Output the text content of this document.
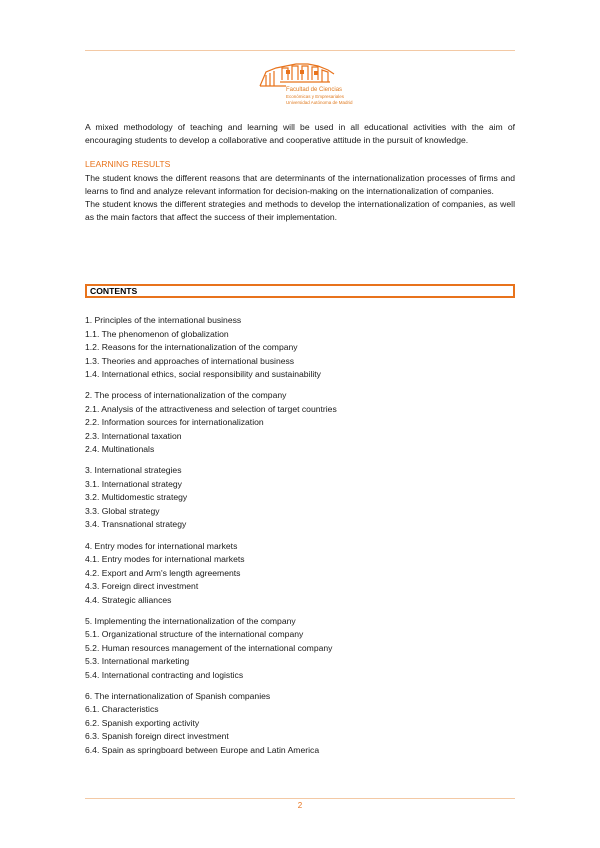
Facultad de Ciencias
Económicas y Empresariales
Universidad Autónoma de Madrid

A mixed methodology of teaching and learning will be used in all educational activities with the aim of encouraging students to develop a collaborative and cooperative attitude in the pursuit of knowledge.

LEARNING RESULTS

The student knows the different reasons that are determinants of the internationalization processes of firms and learns to find and analyze relevant information for decision-making on the internationalization of companies.

The student knows the different strategies and methods to develop the internationalization of companies, as well as the main factors that affect the success of their implementation.

CONTENTS
1. Principles of the international business
1.1. The phenomenon of globalization
1.2. Reasons for the internationalization of the company
1.3. Theories and approaches of international business
1.4. International ethics, social responsibility and sustainability
2. The process of internationalization of the company
2.1. Analysis of the attractiveness and selection of target countries
2.2. Information sources for internationalization
2.3. International taxation
2.4. Multinationals
3. International strategies
3.1. International strategy
3.2. Multidomestic strategy
3.3. Global strategy
3.4. Transnational strategy
4. Entry modes for international markets
4.1. Entry modes for international markets
4.2. Export and Arm's length agreements
4.3. Foreign direct investment
4.4. Strategic alliances
5. Implementing the internationalization of the company
5.1. Organizational structure of the international company
5.2. Human resources management of the international company
5.3. International marketing
5.4. International contracting and logistics
6. The internationalization of Spanish companies
6.1. Characteristics
6.2. Spanish exporting activity
6.3. Spanish foreign direct investment
6.4. Spain as springboard between Europe and Latin America
2
